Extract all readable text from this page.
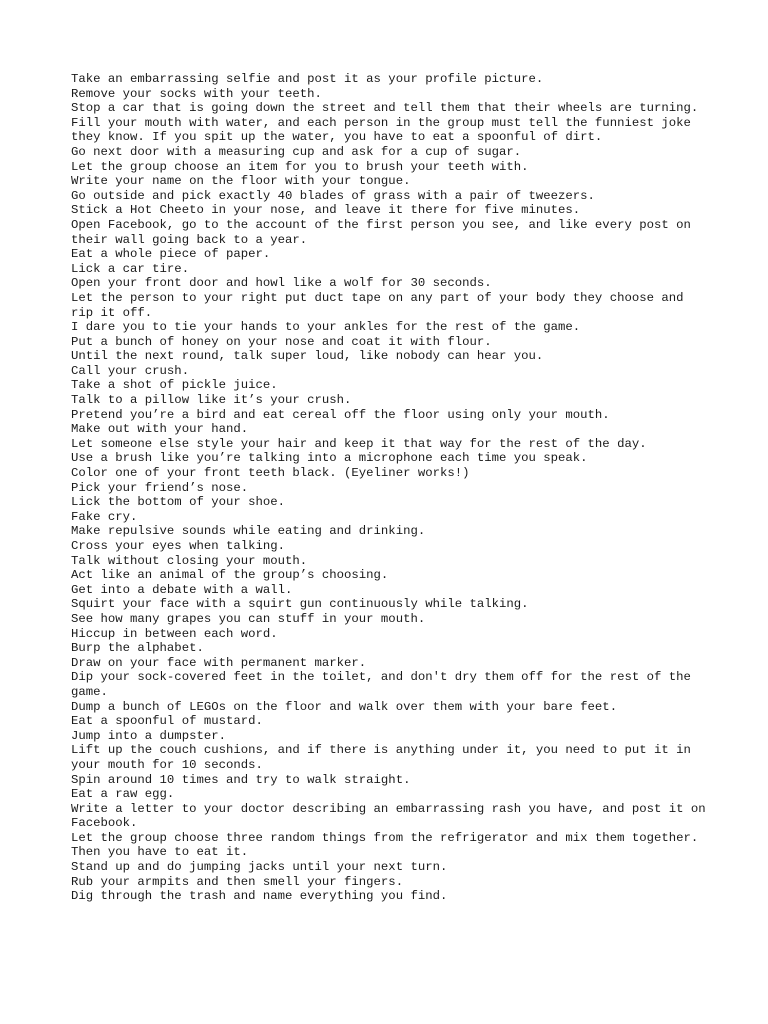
Take an embarrassing selfie and post it as your profile picture.
Remove your socks with your teeth.
Stop a car that is going down the street and tell them that their wheels are turning.
Fill your mouth with water, and each person in the group must tell the funniest joke they know. If you spit up the water, you have to eat a spoonful of dirt.
Go next door with a measuring cup and ask for a cup of sugar.
Let the group choose an item for you to brush your teeth with.
Write your name on the floor with your tongue.
Go outside and pick exactly 40 blades of grass with a pair of tweezers.
Stick a Hot Cheeto in your nose, and leave it there for five minutes.
Open Facebook, go to the account of the first person you see, and like every post on their wall going back to a year.
Eat a whole piece of paper.
Lick a car tire.
Open your front door and howl like a wolf for 30 seconds.
Let the person to your right put duct tape on any part of your body they choose and rip it off.
I dare you to tie your hands to your ankles for the rest of the game.
Put a bunch of honey on your nose and coat it with flour.
Until the next round, talk super loud, like nobody can hear you.
Call your crush.
Take a shot of pickle juice.
Talk to a pillow like it’s your crush.
Pretend you’re a bird and eat cereal off the floor using only your mouth.
Make out with your hand.
Let someone else style your hair and keep it that way for the rest of the day.
Use a brush like you’re talking into a microphone each time you speak.
Color one of your front teeth black. (Eyeliner works!)
Pick your friend’s nose.
Lick the bottom of your shoe.
Fake cry.
Make repulsive sounds while eating and drinking.
Cross your eyes when talking.
Talk without closing your mouth.
Act like an animal of the group’s choosing.
Get into a debate with a wall.
Squirt your face with a squirt gun continuously while talking.
See how many grapes you can stuff in your mouth.
Hiccup in between each word.
Burp the alphabet.
Draw on your face with permanent marker.
Dip your sock-covered feet in the toilet, and don't dry them off for the rest of the game.
Dump a bunch of LEGOs on the floor and walk over them with your bare feet.
Eat a spoonful of mustard.
Jump into a dumpster.
Lift up the couch cushions, and if there is anything under it, you need to put it in your mouth for 10 seconds.
Spin around 10 times and try to walk straight.
Eat a raw egg.
Write a letter to your doctor describing an embarrassing rash you have, and post it on Facebook.
Let the group choose three random things from the refrigerator and mix them together. Then you have to eat it.
Stand up and do jumping jacks until your next turn.
Rub your armpits and then smell your fingers.
Dig through the trash and name everything you find.
